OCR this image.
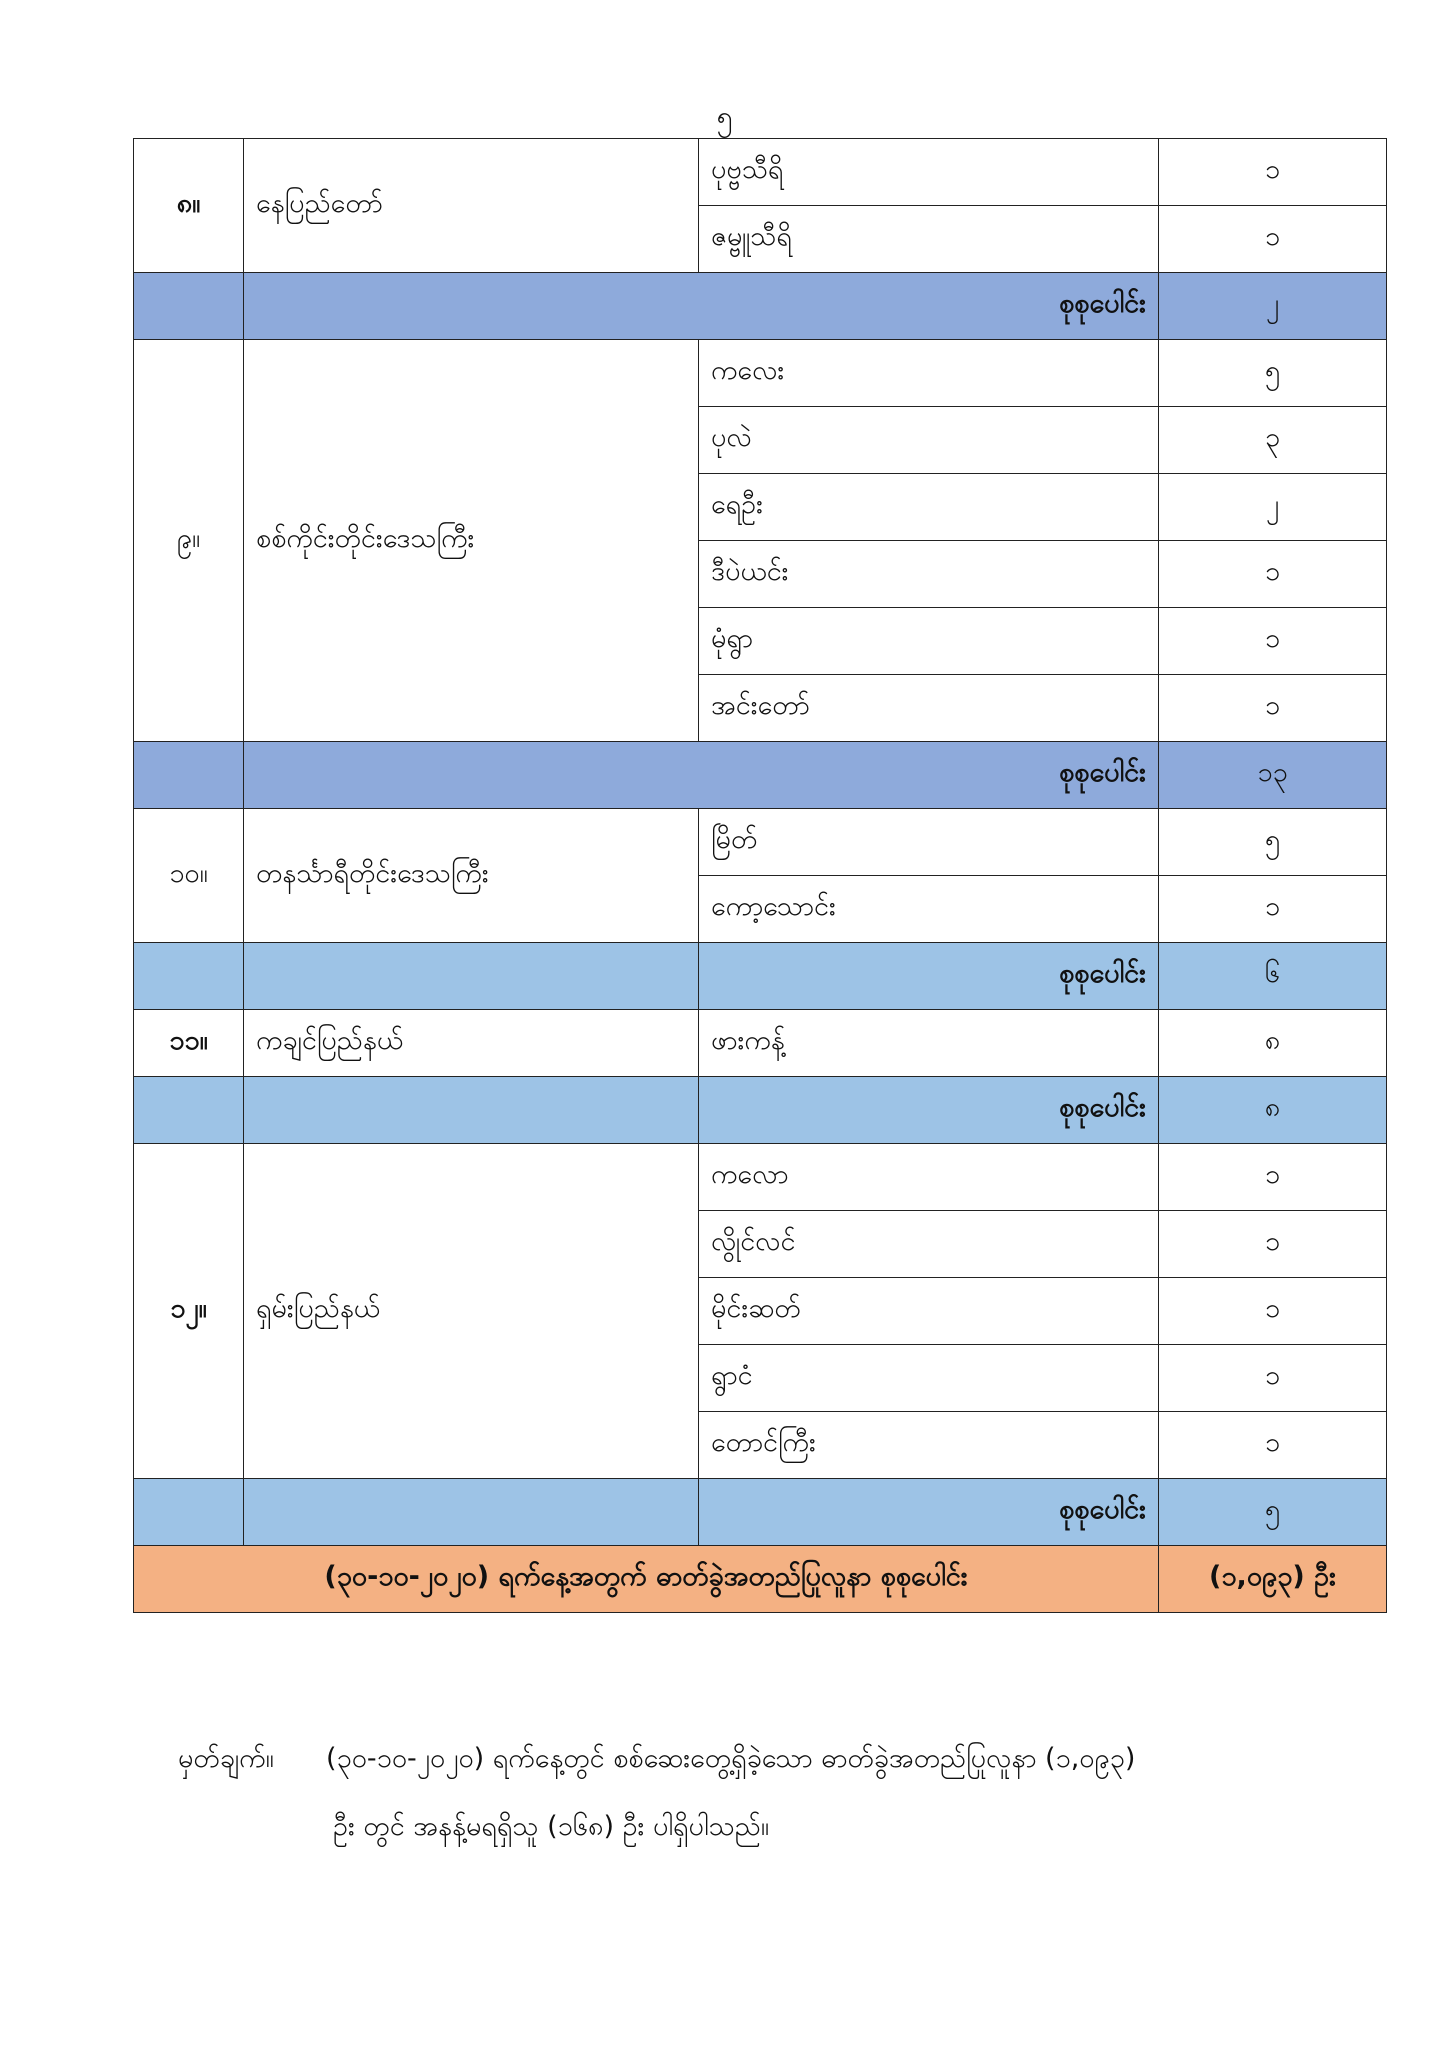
၅
၈။	နေပြည်တော်	ပုဗ္ဗသီရိ	၁
		ဇမ္ဗူသီရိ	၁
	စုစုပေါင်း		၂
၉။	စစ်ကိုင်းတိုင်းဒေသကြီး	ကလေး	၅
		ပုလဲ	၃
		ရေဦး	၂
		ဒီပဲယင်း	၁
		မုံရွာ	၁
		အင်းတော်	၁
	စုစုပေါင်း		၁၃
၁၀။	တနင်္သာရီတိုင်းဒေသကြီး	မြိတ်	၅
		ကော့သောင်း	၁
		စုစုပေါင်း	၆
၁၁။	ကချင်ပြည်နယ်	ဖားကန့်	၈
		စုစုပေါင်း	၈
၁၂။	ရှမ်းပြည်နယ်	ကလော	၁
		လွိုင်လင်	၁
		မိုင်းဆတ်	၁
		ရွာငံ	၁
		တောင်ကြီး	၁
		စုစုပေါင်း	၅
(၃၀-၁၀-၂၀၂၀) ရက်နေ့အတွက် ဓာတ်ခွဲအတည်ပြုလူနာ စုစုပေါင်း			(၁,၀၉၃) ဦး
မှတ်ချက်။ (၃၀-၁၀-၂၀၂၀) ရက်နေ့တွင် စစ်ဆေးတွေ့ရှိခဲ့သော ဓာတ်ခွဲအတည်ပြုလူနာ (၁,၀၉၃)
ဦး တွင် အနန့်မရရှိသူ (၁၆၈) ဦး ပါရှိပါသည်။
